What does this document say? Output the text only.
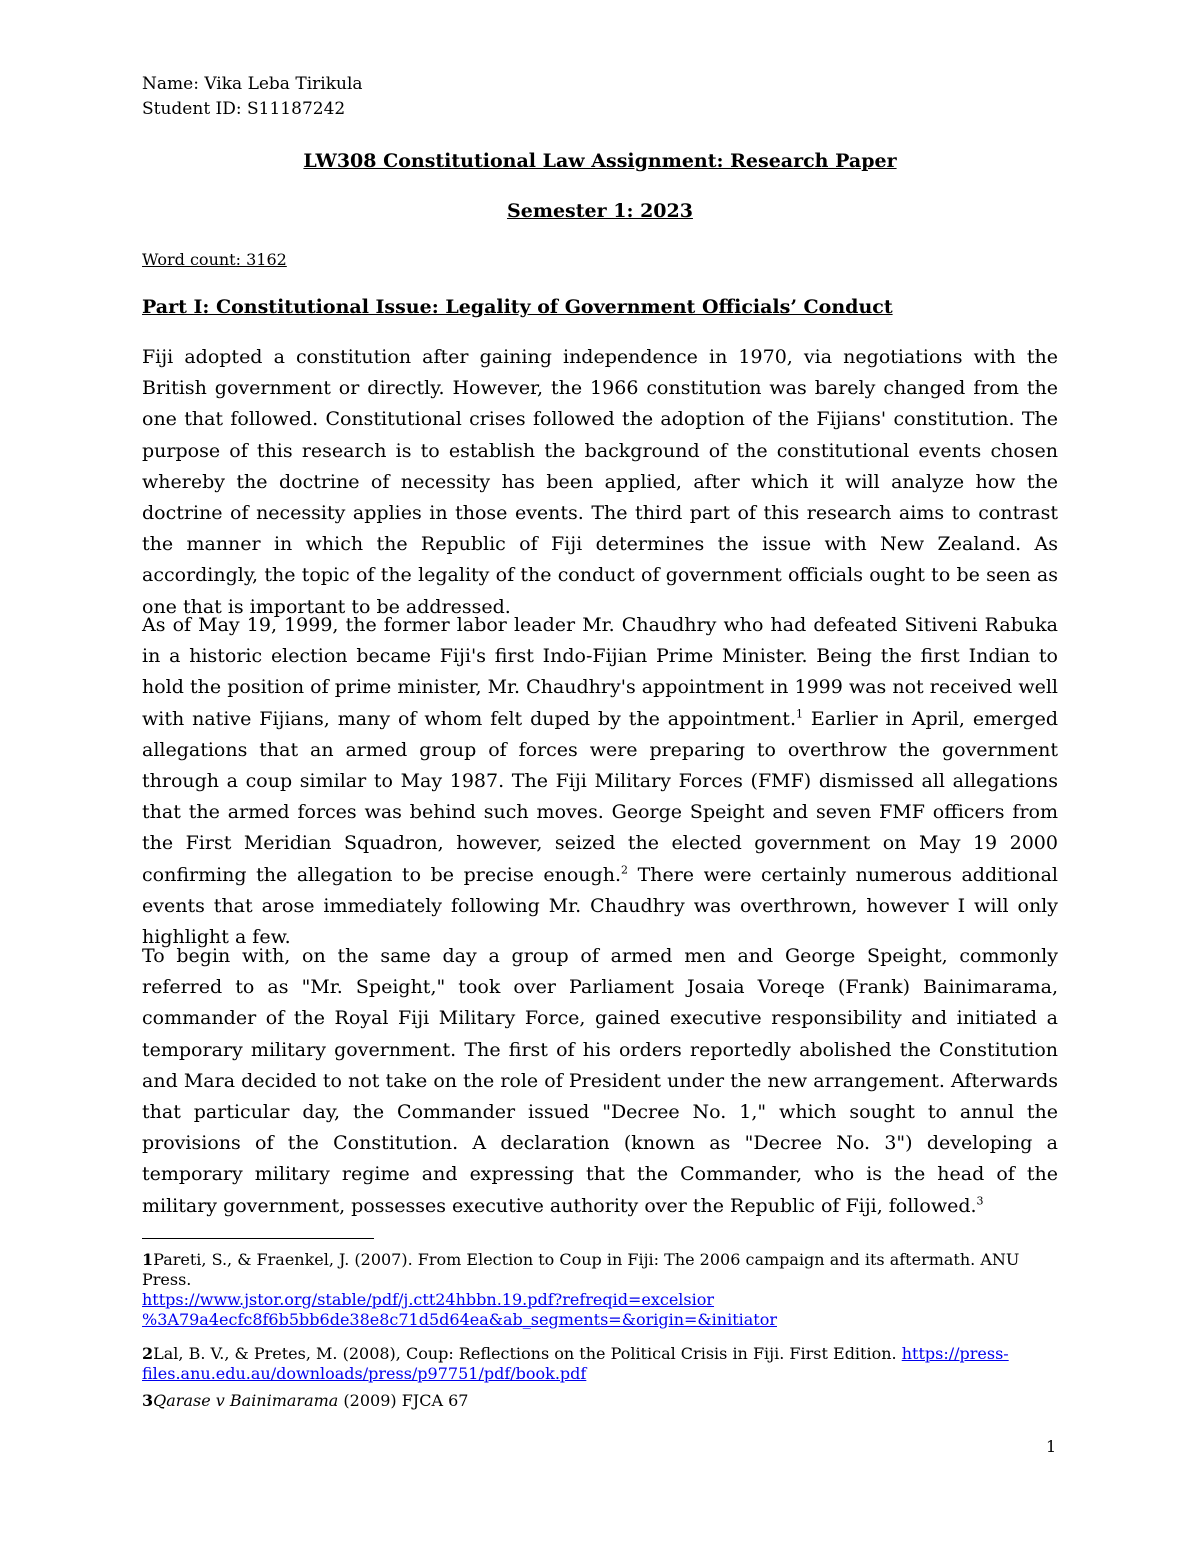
Name: Vika Leba Tirikula
Student ID: S11187242
LW308 Constitutional Law Assignment: Research Paper
Semester 1: 2023
Word count: 3162
Part I: Constitutional Issue: Legality of Government Officials’ Conduct

Fiji adopted a constitution after gaining independence in 1970, via negotiations with the British government or directly. However, the 1966 constitution was barely changed from the one that followed. Constitutional crises followed the adoption of the Fijians' constitution. The purpose of this research is to establish the background of the constitutional events chosen whereby the doctrine of necessity has been applied, after which it will analyze how the doctrine of necessity applies in those events. The third part of this research aims to contrast the manner in which the Republic of Fiji determines the issue with New Zealand. As accordingly, the topic of the legality of the conduct of government officials ought to be seen as one that is important to be addressed.

As of May 19, 1999, the former labor leader Mr. Chaudhry who had defeated Sitiveni Rabuka in a historic election became Fiji's first Indo-Fijian Prime Minister. Being the first Indian to hold the position of prime minister, Mr. Chaudhry's appointment in 1999 was not received well with native Fijians, many of whom felt duped by the appointment.$^1$ Earlier in April, emerged allegations that an armed group of forces were preparing to overthrow the government through a coup similar to May 1987. The Fiji Military Forces (FMF) dismissed all allegations that the armed forces was behind such moves. George Speight and seven FMF officers from the First Meridian Squadron, however, seized the elected government on May 19 2000 confirming the allegation to be precise enough.$^2$ There were certainly numerous additional events that arose immediately following Mr. Chaudhry was overthrown, however I will only highlight a few.

To begin with, on the same day a group of armed men and George Speight, commonly referred to as "Mr. Speight," took over Parliament Josaia Voreqe (Frank) Bainimarama, commander of the Royal Fiji Military Force, gained executive responsibility and initiated a temporary military government. The first of his orders reportedly abolished the Constitution and Mara decided to not take on the role of President under the new arrangement. Afterwards that particular day, the Commander issued "Decree No. 1," which sought to annul the provisions of the Constitution. A declaration (known as "Decree No. 3") developing a temporary military regime and expressing that the Commander, who is the head of the military government, possesses executive authority over the Republic of Fiji, followed.$^3$

1Pareti, S., & Fraenkel, J. (2007). From Election to Coup in Fiji: The 2006 campaign and its aftermath. ANU Press.
https://www.jstor.org/stable/pdf/j.ctt24hbbn.19.pdf?refreqid=excelsior
%3A79a4ecfc8f6b5bb6de38e8c71d5d64ea&ab_segments=&origin=&initiator

2Lal, B. V., & Pretes, M. (2008), Coup: Reflections on the Political Crisis in Fiji. First Edition. https://press-
files.anu.edu.au/downloads/press/p97751/pdf/book.pdf

3Qarase v Bainimarama (2009) FJCA 67

1
